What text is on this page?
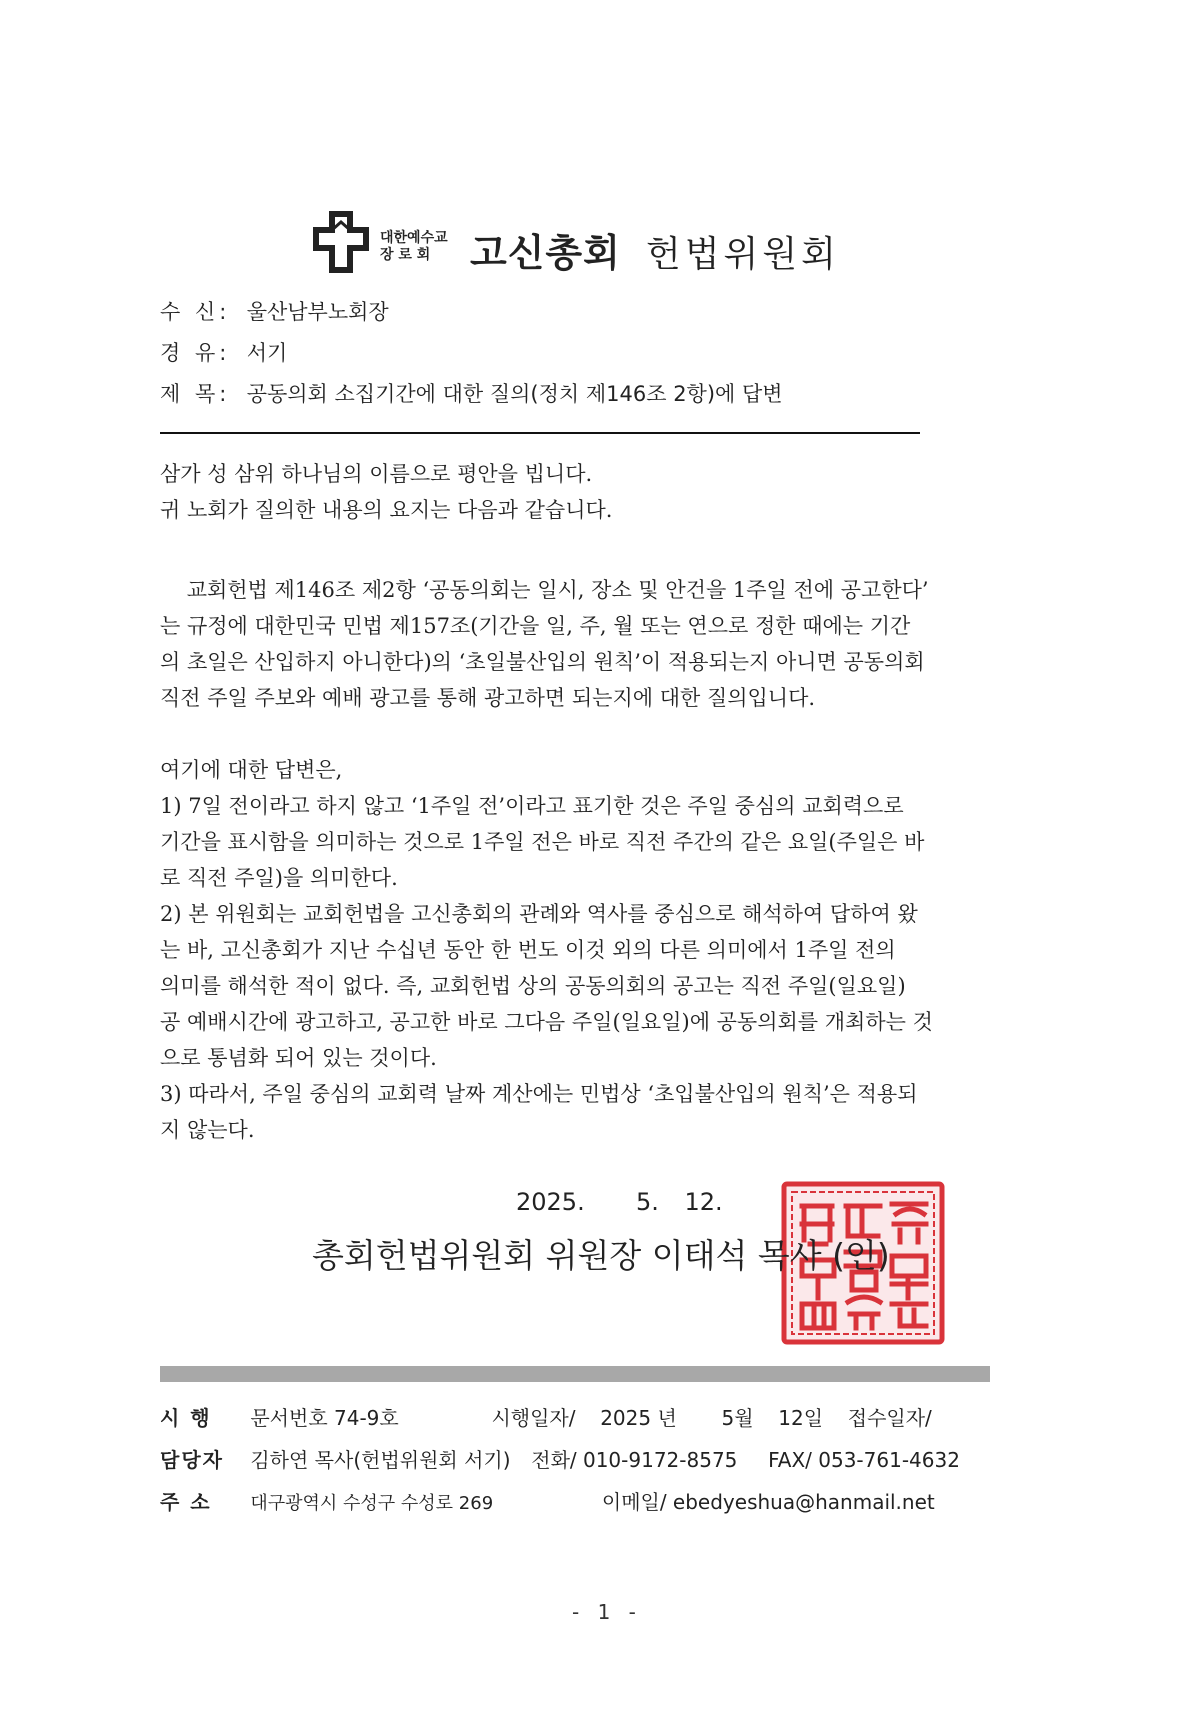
대한예수교
장 로 회	고신총회 헌법위원회
수 신: 울산남부노회장
경 유: 서기
제 목: 공동의회 소집기간에 대한 질의(정치 제146조 2항)에 답변
삼가 성 삼위 하나님의 이름으로 평안을 빕니다.
귀 노회가 질의한 내용의 요지는 다음과 같습니다.
교회헌법 제146조 제2항 ‘공동의회는 일시, 장소 및 안건을 1주일 전에 공고한다’
는 규정에 대한민국 민법 제157조(기간을 일, 주, 월 또는 연으로 정한 때에는 기간
의 초일은 산입하지 아니한다)의 ‘초일불산입의 원칙’이 적용되는지 아니면 공동의회
직전 주일 주보와 예배 광고를 통해 광고하면 되는지에 대한 질의입니다.
여기에 대한 답변은,
1) 7일 전이라고 하지 않고 ‘1주일 전’이라고 표기한 것은 주일 중심의 교회력으로
기간을 표시함을 의미하는 것으로 1주일 전은 바로 직전 주간의 같은 요일(주일은 바
로 직전 주일)을 의미한다.
2) 본 위원회는 교회헌법을 고신총회의 관례와 역사를 중심으로 해석하여 답하여 왔
는 바, 고신총회가 지난 수십년 동안 한 번도 이것 외의 다른 의미에서 1주일 전의
의미를 해석한 적이 없다. 즉, 교회헌법 상의 공동의회의 공고는 직전 주일(일요일)
공 예배시간에 광고하고, 공고한 바로 그다음 주일(일요일)에 공동의회를 개최하는 것
으로 통념화 되어 있는 것이다.
3) 따라서, 주일 중심의 교회력 날짜 계산에는 민법상 ‘초입불산입의 원칙’은 적용되
지 않는다.
2025.  5. 12.
총회헌법위원회 위원장 이태석 목사 (인)
시 행 문서번호 74-9호	시행일자/ 2025 년 5월 12일 접수일자/
담당자 김하연 목사(헌법위원회 서기) 전화/ 010-9172-8575 FAX/ 053-761-4632
주 소 대구광역시 수성구 수성로 269	이메일/ ebedyeshua@hanmail.net
- 1 -
